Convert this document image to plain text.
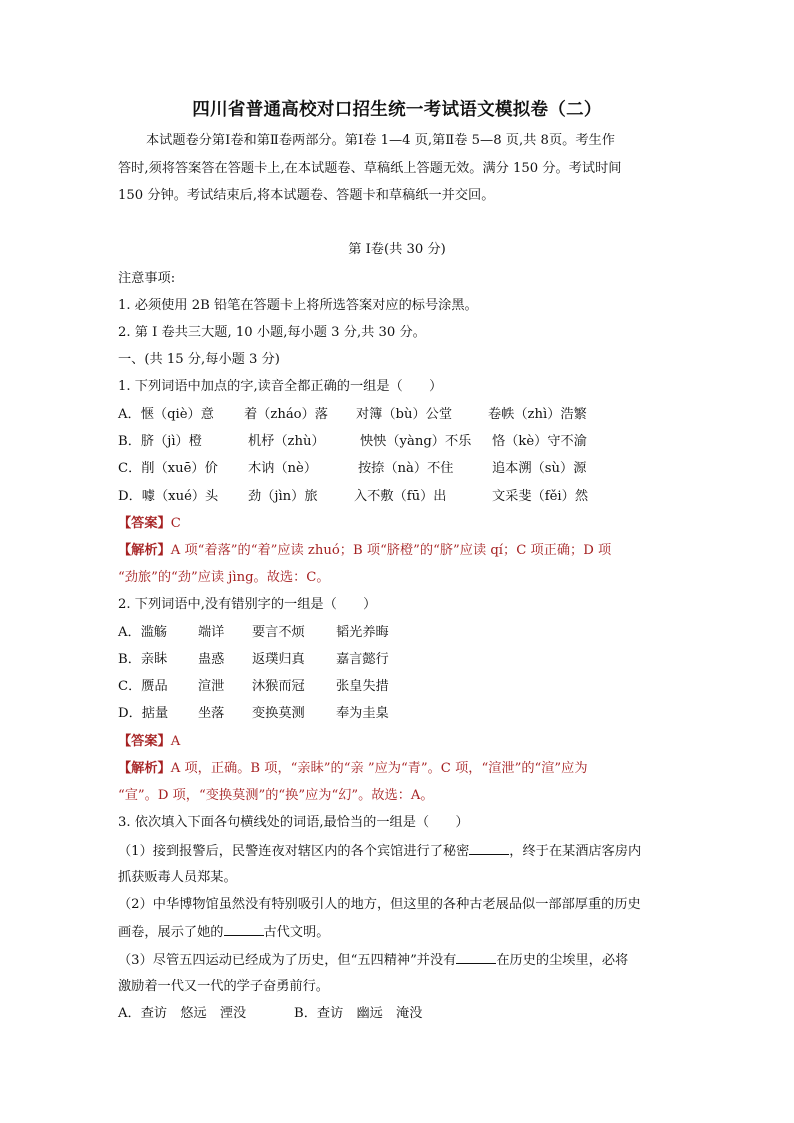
四川省普通高校对口招生统一考试语文模拟卷（二）
本试题卷分第Ⅰ卷和第Ⅱ卷两部分。第Ⅰ卷 1—4 页,第Ⅱ卷 5—8 页,共 8页。考生作
答时,须将答案答在答题卡上,在本试题卷、草稿纸上答题无效。满分 150 分。考试时间
150 分钟。考试结束后,将本试题卷、答题卡和草稿纸一并交回。
第 Ⅰ卷(共 30 分)
注意事项:
1. 必须使用 2B 铅笔在答题卡上将所选答案对应的标号涂黑。
2. 第 Ⅰ 卷共三大题, 10 小题,每小题 3 分,共 30 分。
一、(共 15 分,每小题 3 分)
1. 下列词语中加点的字,读音全都正确的一组是（　　）
A．惬（qiè）意 着（zháo）落 对簿（bù）公堂	卷帙（zhì）浩繁
B．脐（jì）橙	机杼（zhù）	怏怏（yàng）不乐 恪（kè）守不渝
C．削（xuē）价 木讷（nè）	按捺（nà）不住	追本溯（sù）源
D．噱（xué）头 劲（jìn）旅	入不敷（fū）出	文采斐（fěi）然
【答案】C
【解析】A 项“着落”的“着”应读 zhuó；B 项“脐橙”的“脐”应读 qí；C 项正确；D 项
“劲旅”的“劲”应读 jìng。故选：C。
2. 下列词语中,没有错别字的一组是（　　）
A．滥觞 端详 要言不烦 韬光养晦
B．亲眛 蛊惑 返璞归真 嘉言懿行
C．赝品 渲泄 沐猴而冠 张皇失措
D．掂量 坐落 变换莫测 奉为圭臬
【答案】A
【解析】A 项，正确。B 项，“亲眛”的“亲 ”应为“青”。C 项，“渲泄”的“渲”应为
“宣”。D 项，“变换莫测”的“换”应为“幻”。故选：A。
3. 依次填入下面各句横线处的词语,最恰当的一组是（　　）
（1）接到报警后，民警连夜对辖区内的各个宾馆进行了秘密	，终于在某酒店客房内
抓获贩毒人员郑某。
（2）中华博物馆虽然没有特别吸引人的地方，但这里的各种古老展品似一部部厚重的历史
画卷，展示了她的	古代文明。
（3）尽管五四运动已经成为了历史，但“五四精神”并没有	在历史的尘埃里，必将
激励着一代又一代的学子奋勇前行。
A．查访　悠远　湮没	B．查访　幽远　淹没
